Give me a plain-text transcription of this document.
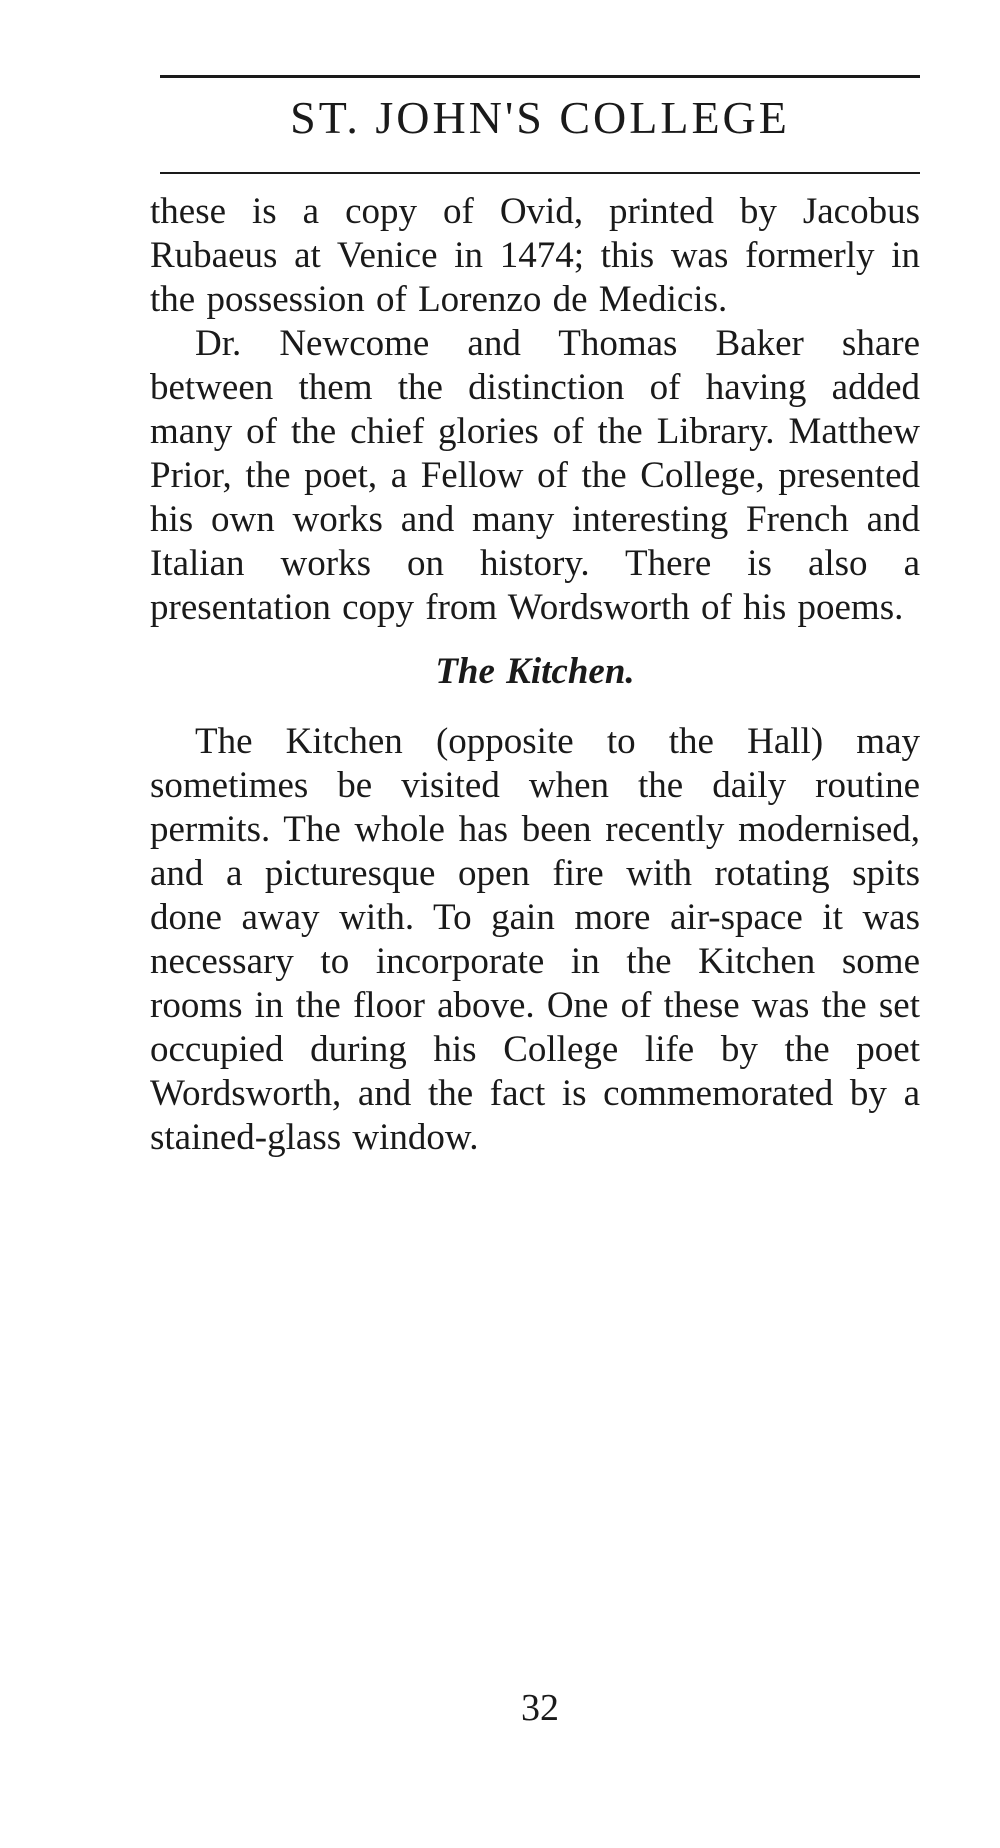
ST. JOHN'S COLLEGE

these is a copy of Ovid, printed by Jacobus Rubaeus at Venice in 1474; this was formerly in the possession of Lorenzo de Medicis.

Dr. Newcome and Thomas Baker share between them the distinction of having added many of the chief glories of the Library. Matthew Prior, the poet, a Fellow of the College, presented his own works and many interesting French and Italian works on history. There is also a presentation copy from Wordsworth of his poems.

The Kitchen.

The Kitchen (opposite to the Hall) may sometimes be visited when the daily routine permits. The whole has been recently modernised, and a picturesque open fire with rotating spits done away with. To gain more air-space it was necessary to incorporate in the Kitchen some rooms in the floor above. One of these was the set occupied during his College life by the poet Wordsworth, and the fact is commemorated by a stained-glass window.

32
